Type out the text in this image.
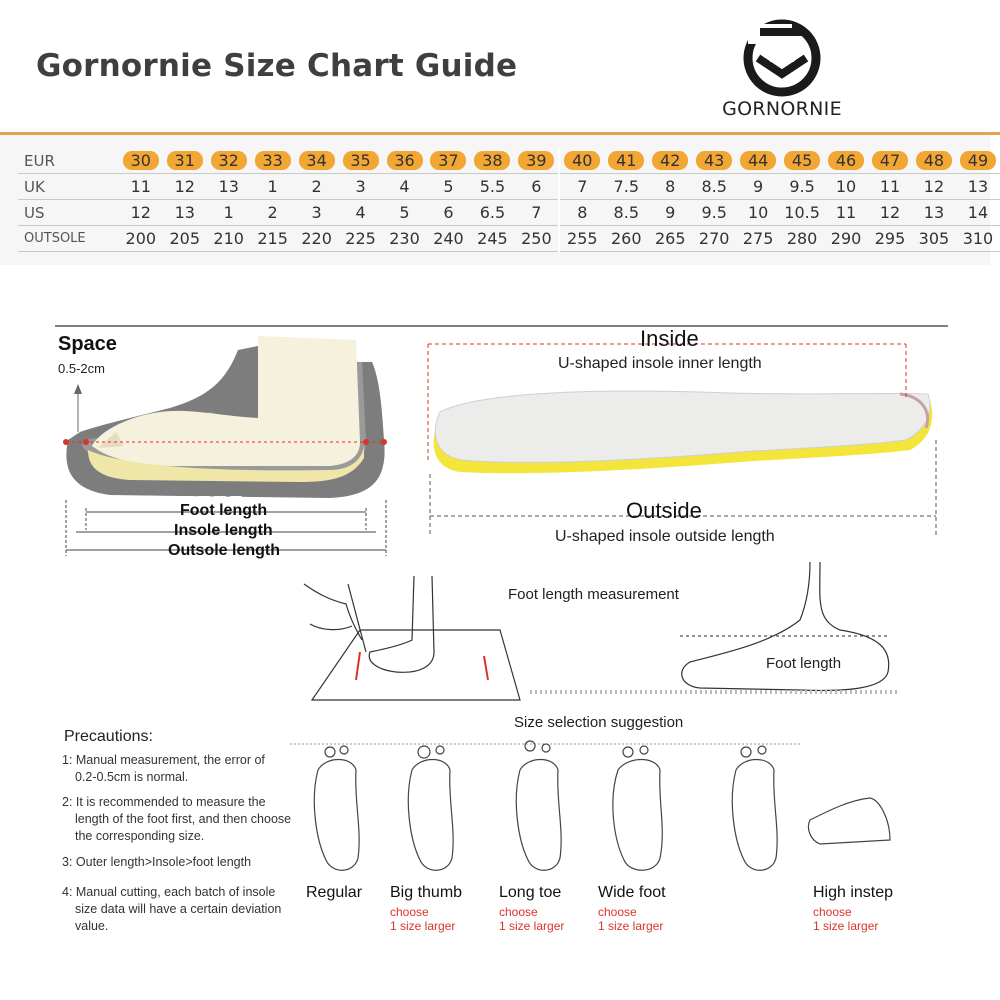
Gornornie Size Chart Guide
GORNORNIE
EUR	30	31	32	33	34	35	36	37	38	39	40	41	42	43	44	45	46	47	48	49
UK	11	12	13	1	2	3	4	5	5.5	6	7	7.5	8	8.5	9	9.5	10	11	12	13
US	12	13	1	2	3	4	5	6	6.5	7	8	8.5	9	9.5	10	10.5	11	12	13	14
OUTSOLE	200	205	210	215	220	225	230	240	245	250	255	260	265	270	275	280	290	295	305	310
Space
0.5-2cm
Foot length
Insole length
Outsole length
Inside
U-shaped insole inner length
Outside
U-shaped insole outside length
Foot length measurement
Foot length
Size selection suggestion
Regular Big thumb
choose
1 size larger
Long toe
choose
1 size larger
Wide foot
choose
1 size larger
High instep
choose
1 size larger
Precautions:
1: Manual measurement, the error of
0.2-0.5cm is normal.
2: It is recommended to measure the
length of the foot first, and then choose
the corresponding size.
3: Outer length>Insole>foot length
4: Manual cutting, each batch of insole
size data will have a certain deviation
value.
